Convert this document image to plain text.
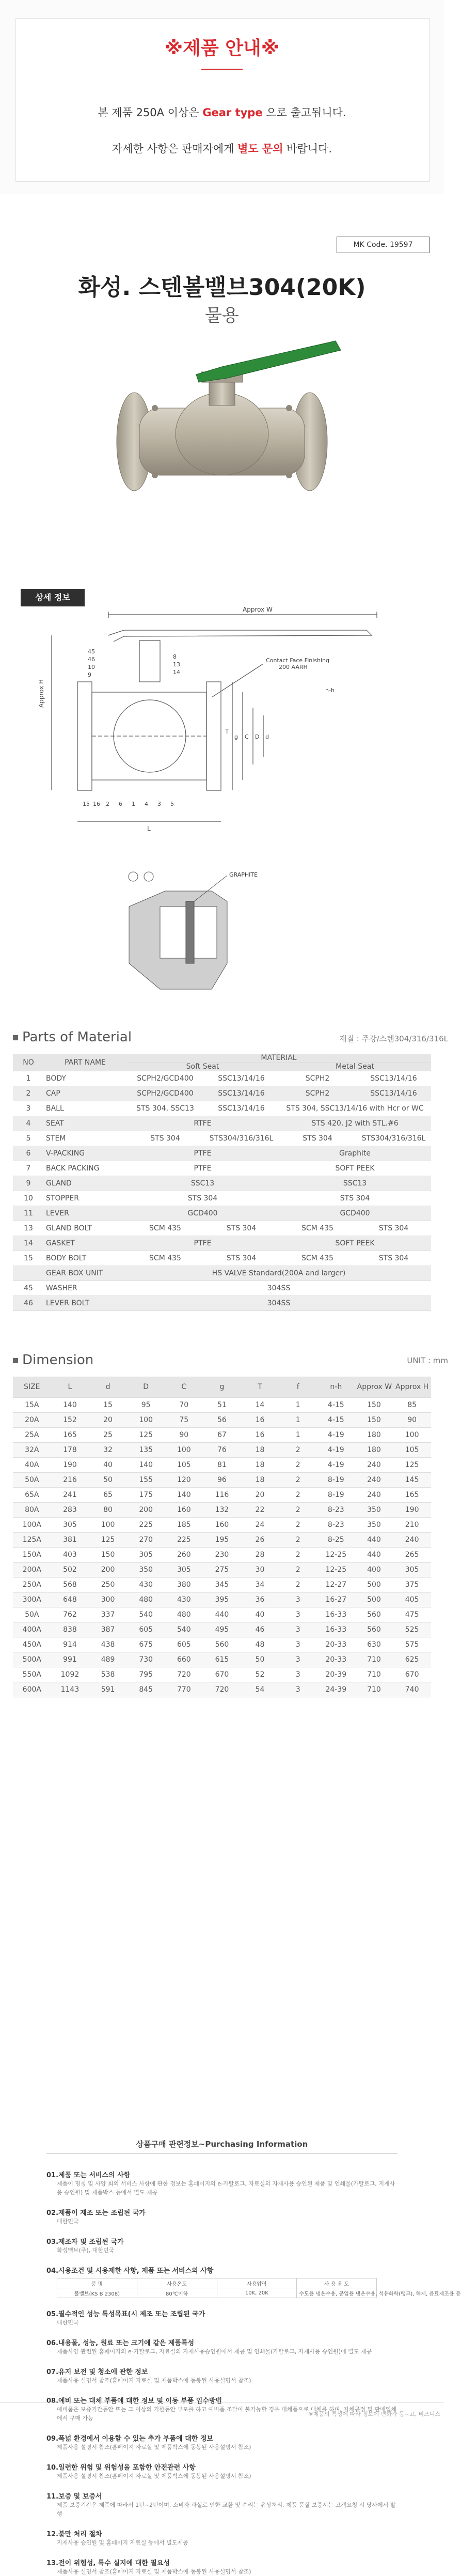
※제품 안내※
본 제품 250A 이상은 Gear type 으로 출고됩니다.
자세한 사항은 판매자에게 별도 문의 바랍니다.
MK Code. 19597
화성. 스텐볼밸브304(20K)
물용
상세 정보
Approx W
Approx H
Contact Face Finishing
200 AARH
L
T
g
n-h
C D d
45
46
10
9
8
13
14
15 16 2 6 1 4 3 5
GRAPHITE
Parts of Material	재질 : 주강/스텐304/316/316L
NO	PART NAME	MATERIAL			
		Soft Seat		Metal Seat	
1	BODY	SCPH2/GCD400	SSC13/14/16	SCPH2	SSC13/14/16
2	CAP	SCPH2/GCD400	SSC13/14/16	SCPH2	SSC13/14/16
3	BALL	STS 304, SSC13	SSC13/14/16	STS 304, SSC13/14/16 with Hcr or WC	
4	SEAT	RTFE		STS 420, J2 with STL.#6	
5	STEM	STS 304	STS304/316/316L	STS 304	STS304/316/316L
6	V-PACKING	PTFE		Graphite	
7	BACK PACKING	PTFE		SOFT PEEK	
9	GLAND	SSC13		SSC13	
10	STOPPER	STS 304		STS 304	
11	LEVER	GCD400		GCD400	
13	GLAND BOLT	SCM 435	STS 304	SCM 435	STS 304
14	GASKET	PTFE		SOFT PEEK	
15	BODY BOLT	SCM 435	STS 304	SCM 435	STS 304
	GEAR BOX UNIT	HS VALVE Standard(200A and larger)			
45	WASHER	304SS			
46	LEVER BOLT	304SS			
Dimension	UNIT : mm
SIZE	L	d	D	C	g	T	f	n-h	Approx W	Approx H
15A	140	15	95	70	51	14	1	4-15	150	85
20A	152	20	100	75	56	16	1	4-15	150	90
25A	165	25	125	90	67	16	1	4-19	180	100
32A	178	32	135	100	76	18	2	4-19	180	105
40A	190	40	140	105	81	18	2	4-19	240	125
50A	216	50	155	120	96	18	2	8-19	240	145
65A	241	65	175	140	116	20	2	8-19	240	165
80A	283	80	200	160	132	22	2	8-23	350	190
100A	305	100	225	185	160	24	2	8-23	350	210
125A	381	125	270	225	195	26	2	8-25	440	240
150A	403	150	305	260	230	28	2	12-25	440	265
200A	502	200	350	305	275	30	2	12-25	400	305
250A	568	250	430	380	345	34	2	12-27	500	375
300A	648	300	480	430	395	36	3	16-27	500	405
50A	762	337	540	480	440	40	3	16-33	560	475
400A	838	387	605	540	495	46	3	16-33	560	525
450A	914	438	675	605	560	48	3	20-33	630	575
500A	991	489	730	660	615	50	3	20-33	710	625
550A	1092	538	795	720	670	52	3	20-39	710	670
600A	1143	591	845	770	720	54	3	24-39	710	740
상품구매 관련정보~Purchasing Information
01.제품 또는 서비스의 사항
제품이 명칭 및 사양 회의 서비스 사항에 관한 정보는 홈페이지의 e-카탈로그, 자료실의 자재사용 승인된 제품 및 인쇄물(카탈로그, 지재사용 승인원) 및 제품박스 등에서 별도 제공
02.제품이 제조 또는 조립된 국가
대한민국
03.제조자 및 조립된 국가
화성밸브(주), 대한민국
04.시용조건 및 시용제한 사항, 제품 또는 서비스의 사항
품 명	사용온도	사용압력	사 용 용 도
볼밸브(KS B 2308)	80℃이하	10K, 20K	수도용 냉온수용, 공업용 냉온수용, 석유화학(탱크), 해제, 음료제조용 등
05.필수적인 성능 특성목표(시 제조 또는 조립된 국가
대한민국
06.내용물, 성능, 원료 또는 크기에 같은 제품특성
제품사양 관련된 홈페이지의 e-카탈로그, 자료실의 자재사용승인원에서 제공 및 인쇄물(카탈로그, 자재사용 승인원)에 별도 제공
07.유지 보전 및 청소에 관한 정보
제품사용 설명서 참조(홈페이지 자료실 및 제품박스에 동봉된 사용설명서 참조)
08.예비 또는 대체 부품에 대한 정보 및 이동 부품 입수방법
예비품은 보증기간동안 또는 그 이상의 기한동안 부포를 하고 예비품 조달이 불가능할 경우 대체품으로 대체를 하며, 자체공정 및 판매업체에서 구매 가능
09.폭넓 환경에서 이용할 수 있는 추가 부품에 대한 정보
제품사용 설명서 참조(홈페이지 자료실 및 제품박스에 동봉된 사용설명서 참조)
10.일련한 위험 및 위험성을 포함한 안전관련 사항
제품사용 설명서 참조(홈페이지 자료실 및 제품박스에 동봉된 사용설명서 참조)
11.보증 및 보증서
제품 보증기간은 제품에 따라서 1년~2년이며, 소비자 과실로 인한 교환 및 수리는 유상처리. 제품 품질 보증서는 고객요청 시 당사에서 발행
12.불만 처리 절차
지재사용 승인원 및 홈페이지 자료실 등에서 별도제공
13.전이 위험성, 특수 실지에 대한 필요성
제품사용 설명서 참조(홈페이지 자료실 및 제품박스에 동봉된 사용설명서 참조)
※제품의 특성에 따라 정보에 변화가 동~고, 비즈니스
